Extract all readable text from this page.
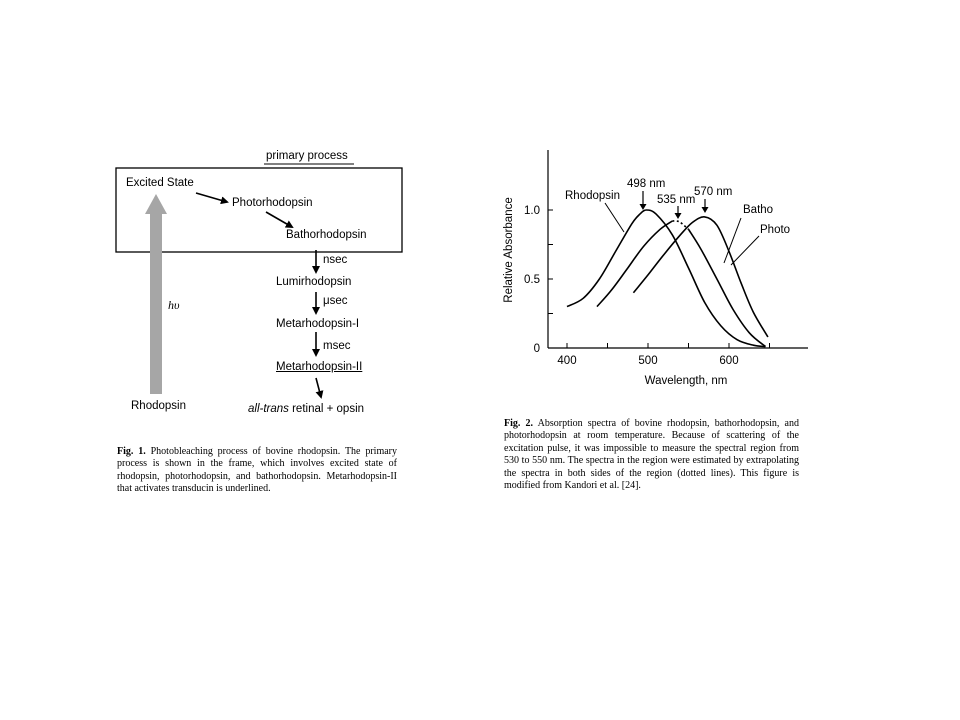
primary process
Excited State
Photorhodopsin
Bathorhodopsin
nsec
Lumirhodopsin
μsec
Metarhodopsin-I
msec
Metarhodopsin-II
hυ
Rhodopsin	all-trans retinal + opsin
Fig. 1. Photobleaching process of bovine rhodopsin. The primary process is shown in the frame, which involves excited state of rhodopsin, photorhodopsin, and bathorhodopsin. Metarhodopsin-II that activates transducin is underlined.
400	500	600
0
0.5
1.0
Wavelength, nm
Relative Absorbance
Rhodopsin
Batho
Photo
498 nm
535 nm
570 nm
Fig. 2. Absorption spectra of bovine rhodopsin, bathorhodopsin, and photorhodopsin at room temperature. Because of scattering of the excitation pulse, it was impossible to measure the spectral region from 530 to 550 nm. The spectra in the region were estimated by extrapolating the spectra in both sides of the region (dotted lines). This figure is modified from Kandori et al. [24].
